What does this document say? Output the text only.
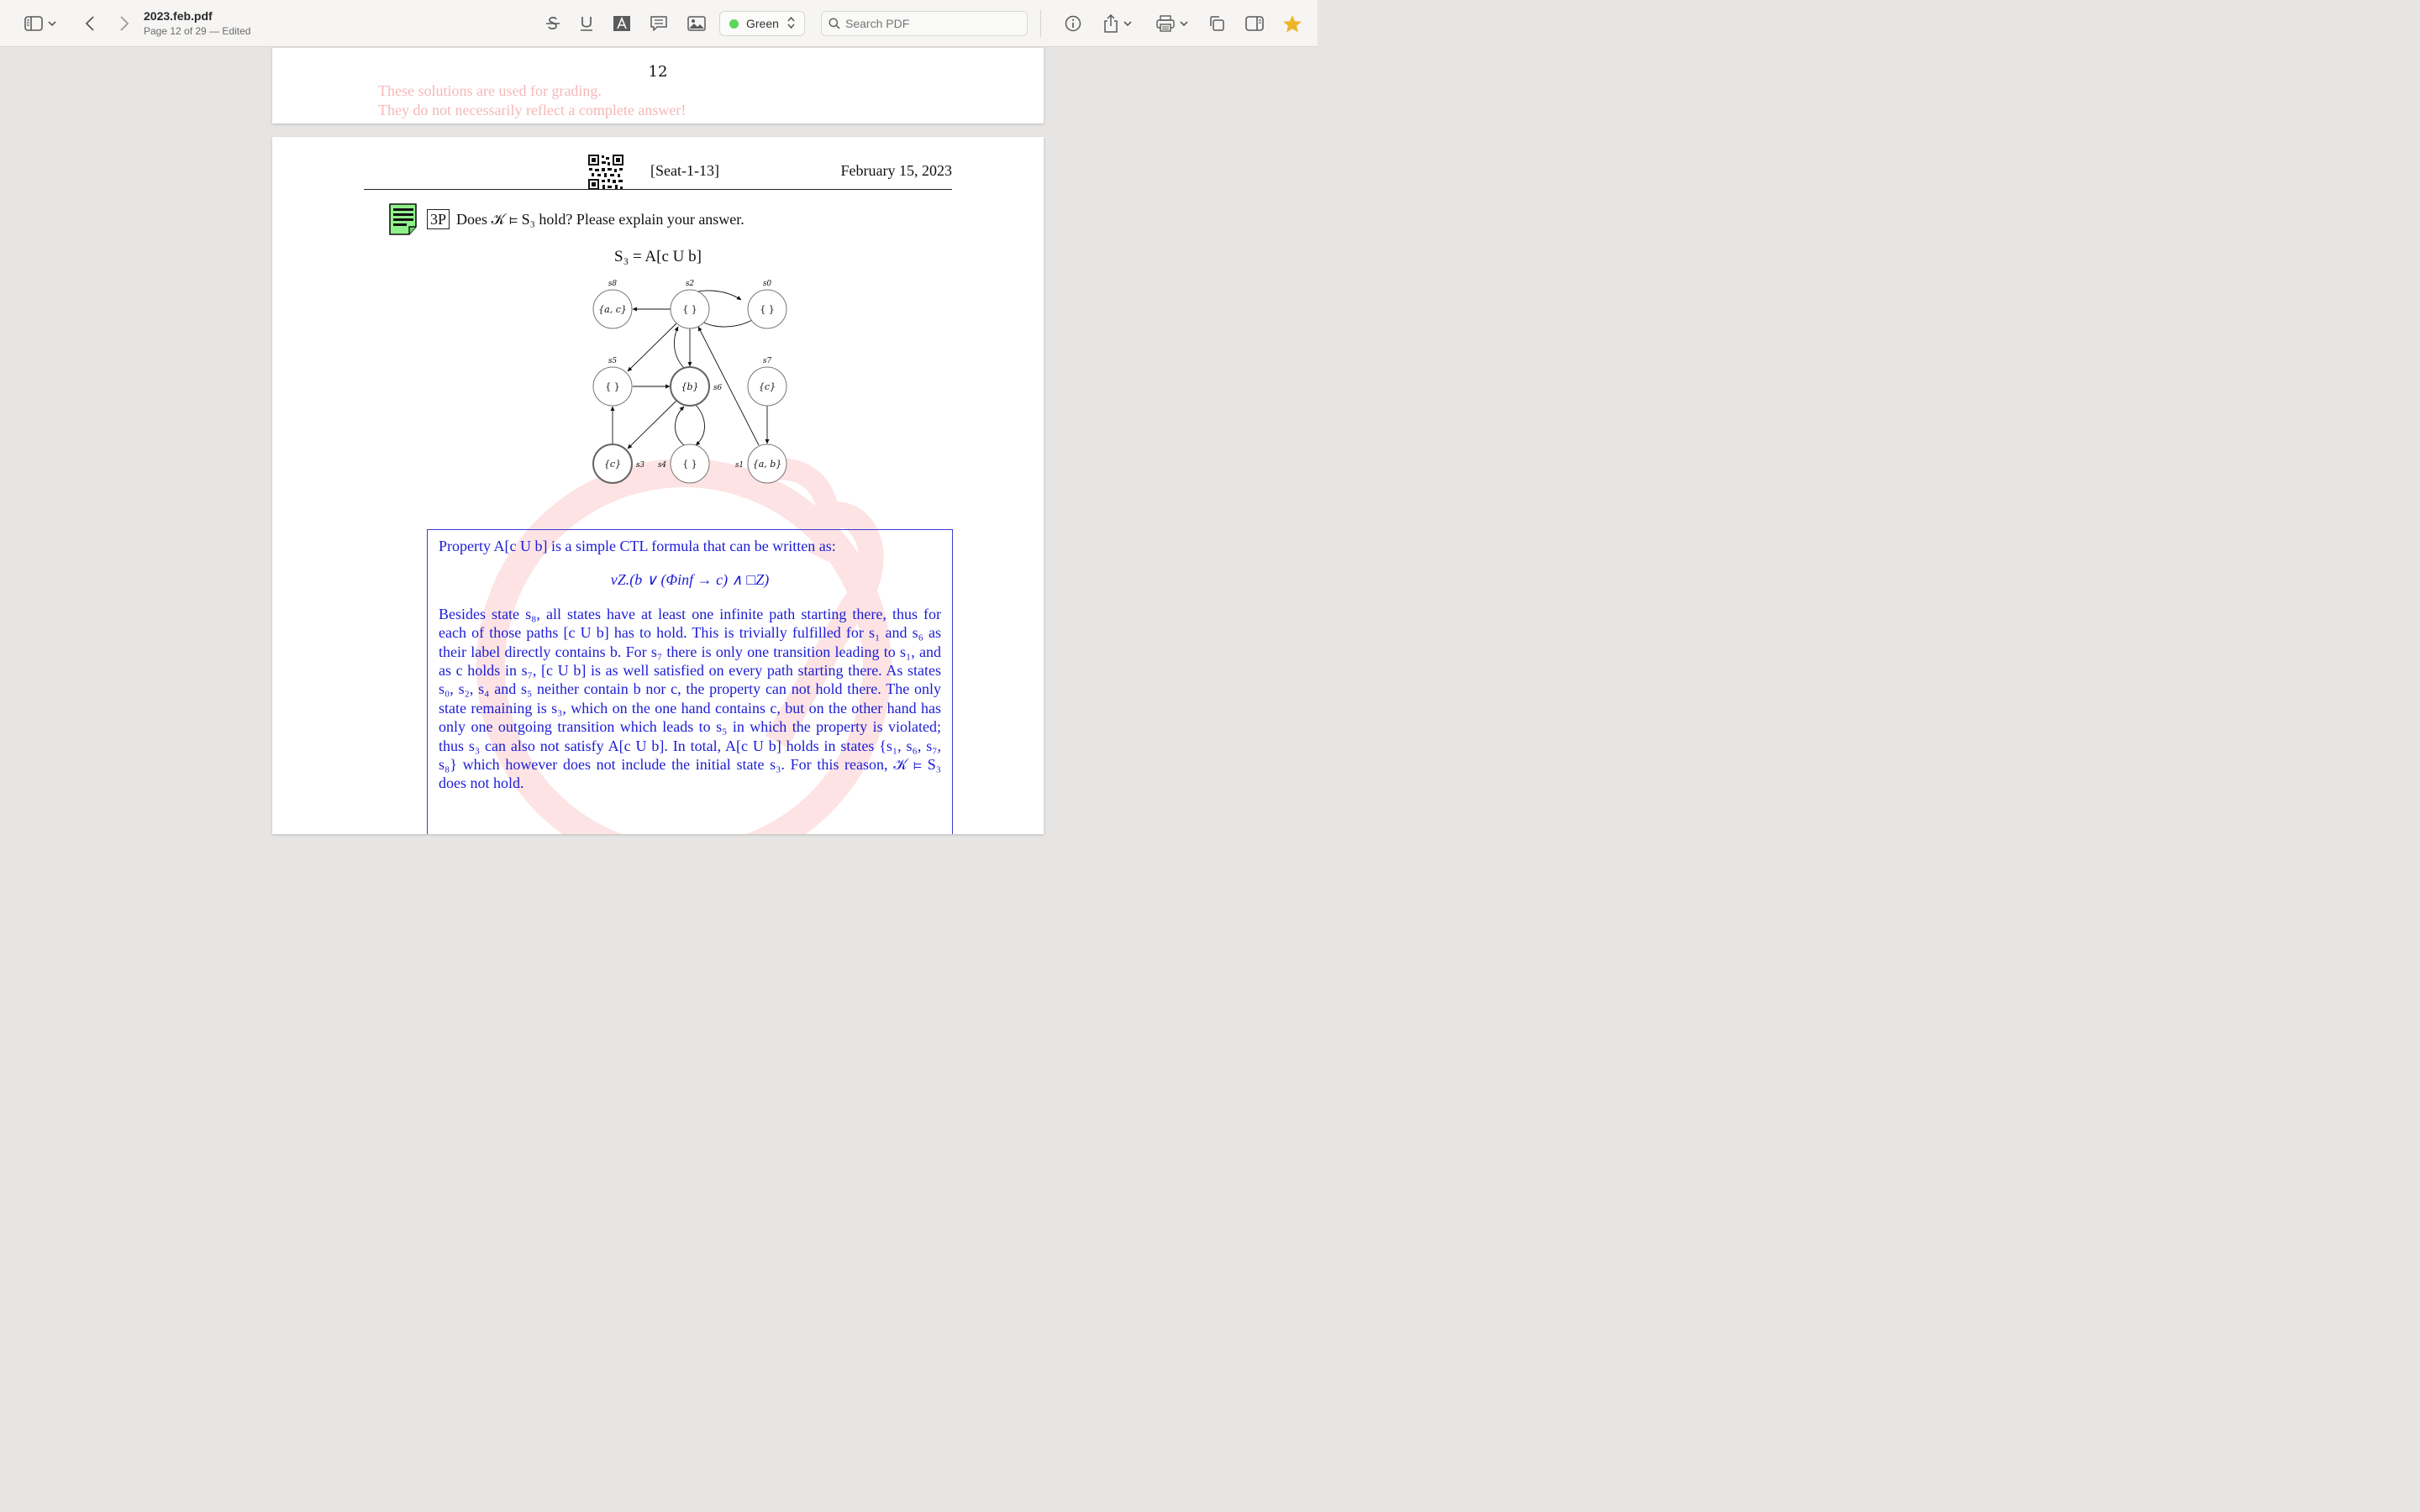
2023.feb.pdf
Page 12 of 29 — Edited
Green
Search PDF
12
These solutions are used for grading.
They do not necessarily reflect a complete answer!
[Seat-1-13]	February 15, 2023
3P Does 𝒦 ⊨ S₃ hold? Please explain your answer.
S₃ = A[c U b]
{a, c}
s8
{ }
s2
{ }
s0
{ }
s5
{b} s6	{c}
s7
{c} s3	{ }
s4	{a, b}
s1

Property A[c U b] is a simple CTL formula that can be written as:

νZ.(b ∨ (Φinf → c) ∧ □Z)

Besides state s₈, all states have at least one infinite path starting there, thus for each of those paths [c U b] has to hold. This is trivially fulfilled for s₁ and s₆ as their label directly contains b. For s₇ there is only one transition leading to s₁, and as c holds in s₇, [c U b] is as well satisfied on every path starting there. As states s₀, s₂, s₄ and s₅ neither contain b nor c, the property can not hold there. The only state remaining is s₃, which on the one hand contains c, but on the other hand has only one outgoing transition which leads to s₅ in which the property is violated; thus s₃ can also not satisfy A[c U b]. In total, A[c U b] holds in states {s₁, s₆, s₇, s₈} which however does not include the initial state s₃. For this reason, 𝒦 ⊨ S₃ does not hold.
